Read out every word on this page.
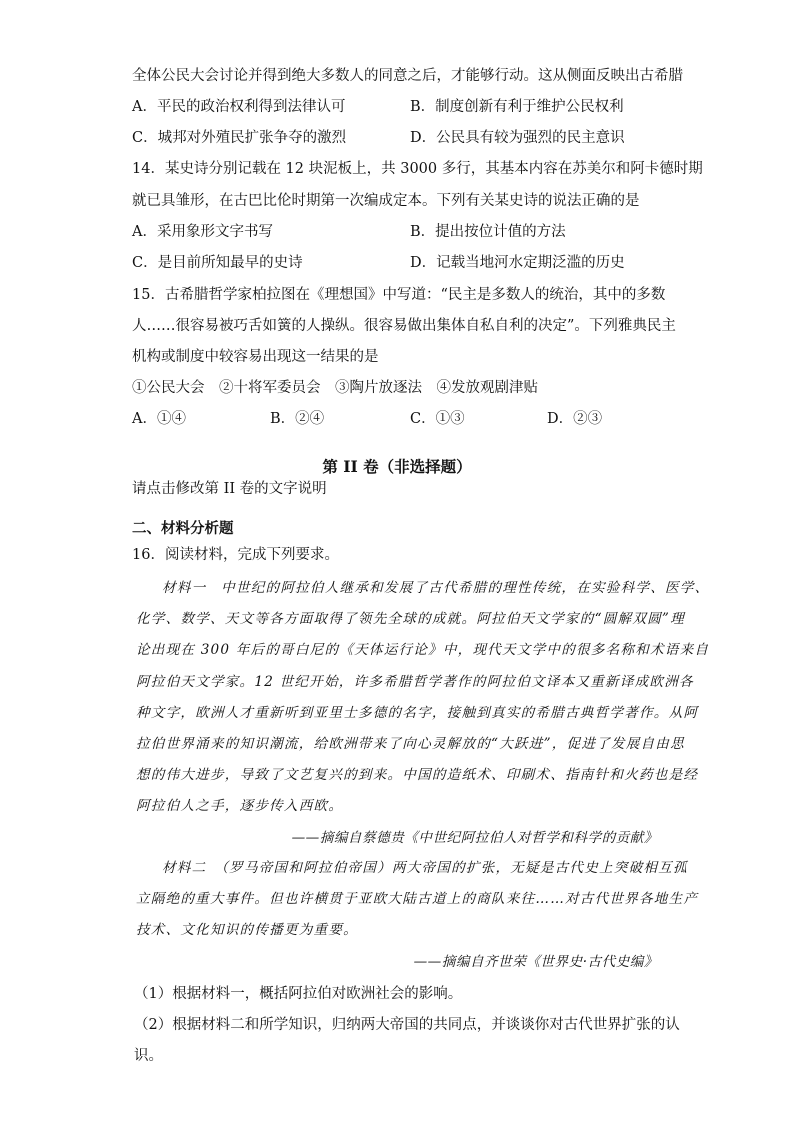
全体公民大会讨论并得到绝大多数人的同意之后，才能够行动。这从侧面反映出古希腊
A．平民的政治权利得到法律认可	B．制度创新有利于维护公民权利
C．城邦对外殖民扩张争夺的激烈	D．公民具有较为强烈的民主意识
14．某史诗分别记载在 12 块泥板上，共 3000 多行，其基本内容在苏美尔和阿卡德时期
就已具雏形，在古巴比伦时期第一次编成定本。下列有关某史诗的说法正确的是
A．采用象形文字书写	B．提出按位计值的方法
C．是目前所知最早的史诗	D．记载当地河水定期泛滥的历史
15．古希腊哲学家柏拉图在《理想国》中写道：“民主是多数人的统治，其中的多数
人……很容易被巧舌如簧的人操纵。很容易做出集体自私自利的决定”。下列雅典民主
机构或制度中较容易出现这一结果的是
①公民大会　②十将军委员会　③陶片放逐法　④发放观剧津贴
A．①④	B．②④	C．①③	D．②③
第 II 卷（非选择题）
请点击修改第 II 卷的文字说明
二、材料分析题
16．阅读材料，完成下列要求。
材料一　中世纪的阿拉伯人继承和发展了古代希腊的理性传统，在实验科学、医学、
化学、数学、天文等各方面取得了领先全球的成就。阿拉伯天文学家的“圆解双圆”理
论出现在 300 年后的哥白尼的《天体运行论》中，现代天文学中的很多名称和术语来自
阿拉伯天文学家。12 世纪开始，许多希腊哲学著作的阿拉伯文译本又重新译成欧洲各
种文字，欧洲人才重新听到亚里士多德的名字，接触到真实的希腊古典哲学著作。从阿
拉伯世界涌来的知识潮流，给欧洲带来了向心灵解放的“大跃进”，促进了发展自由思
想的伟大进步，导致了文艺复兴的到来。中国的造纸术、印刷术、指南针和火药也是经
阿拉伯人之手，逐步传入西欧。
——摘编自蔡德贵《中世纪阿拉伯人对哲学和科学的贡献》
材料二　（罗马帝国和阿拉伯帝国）两大帝国的扩张，无疑是古代史上突破相互孤
立隔绝的重大事件。但也许横贯于亚欧大陆古道上的商队来往……对古代世界各地生产
技术、文化知识的传播更为重要。
——摘编自齐世荣《世界史·古代史编》
（1）根据材料一，概括阿拉伯对欧洲社会的影响。
（2）根据材料二和所学知识，归纳两大帝国的共同点，并谈谈你对古代世界扩张的认
识。
